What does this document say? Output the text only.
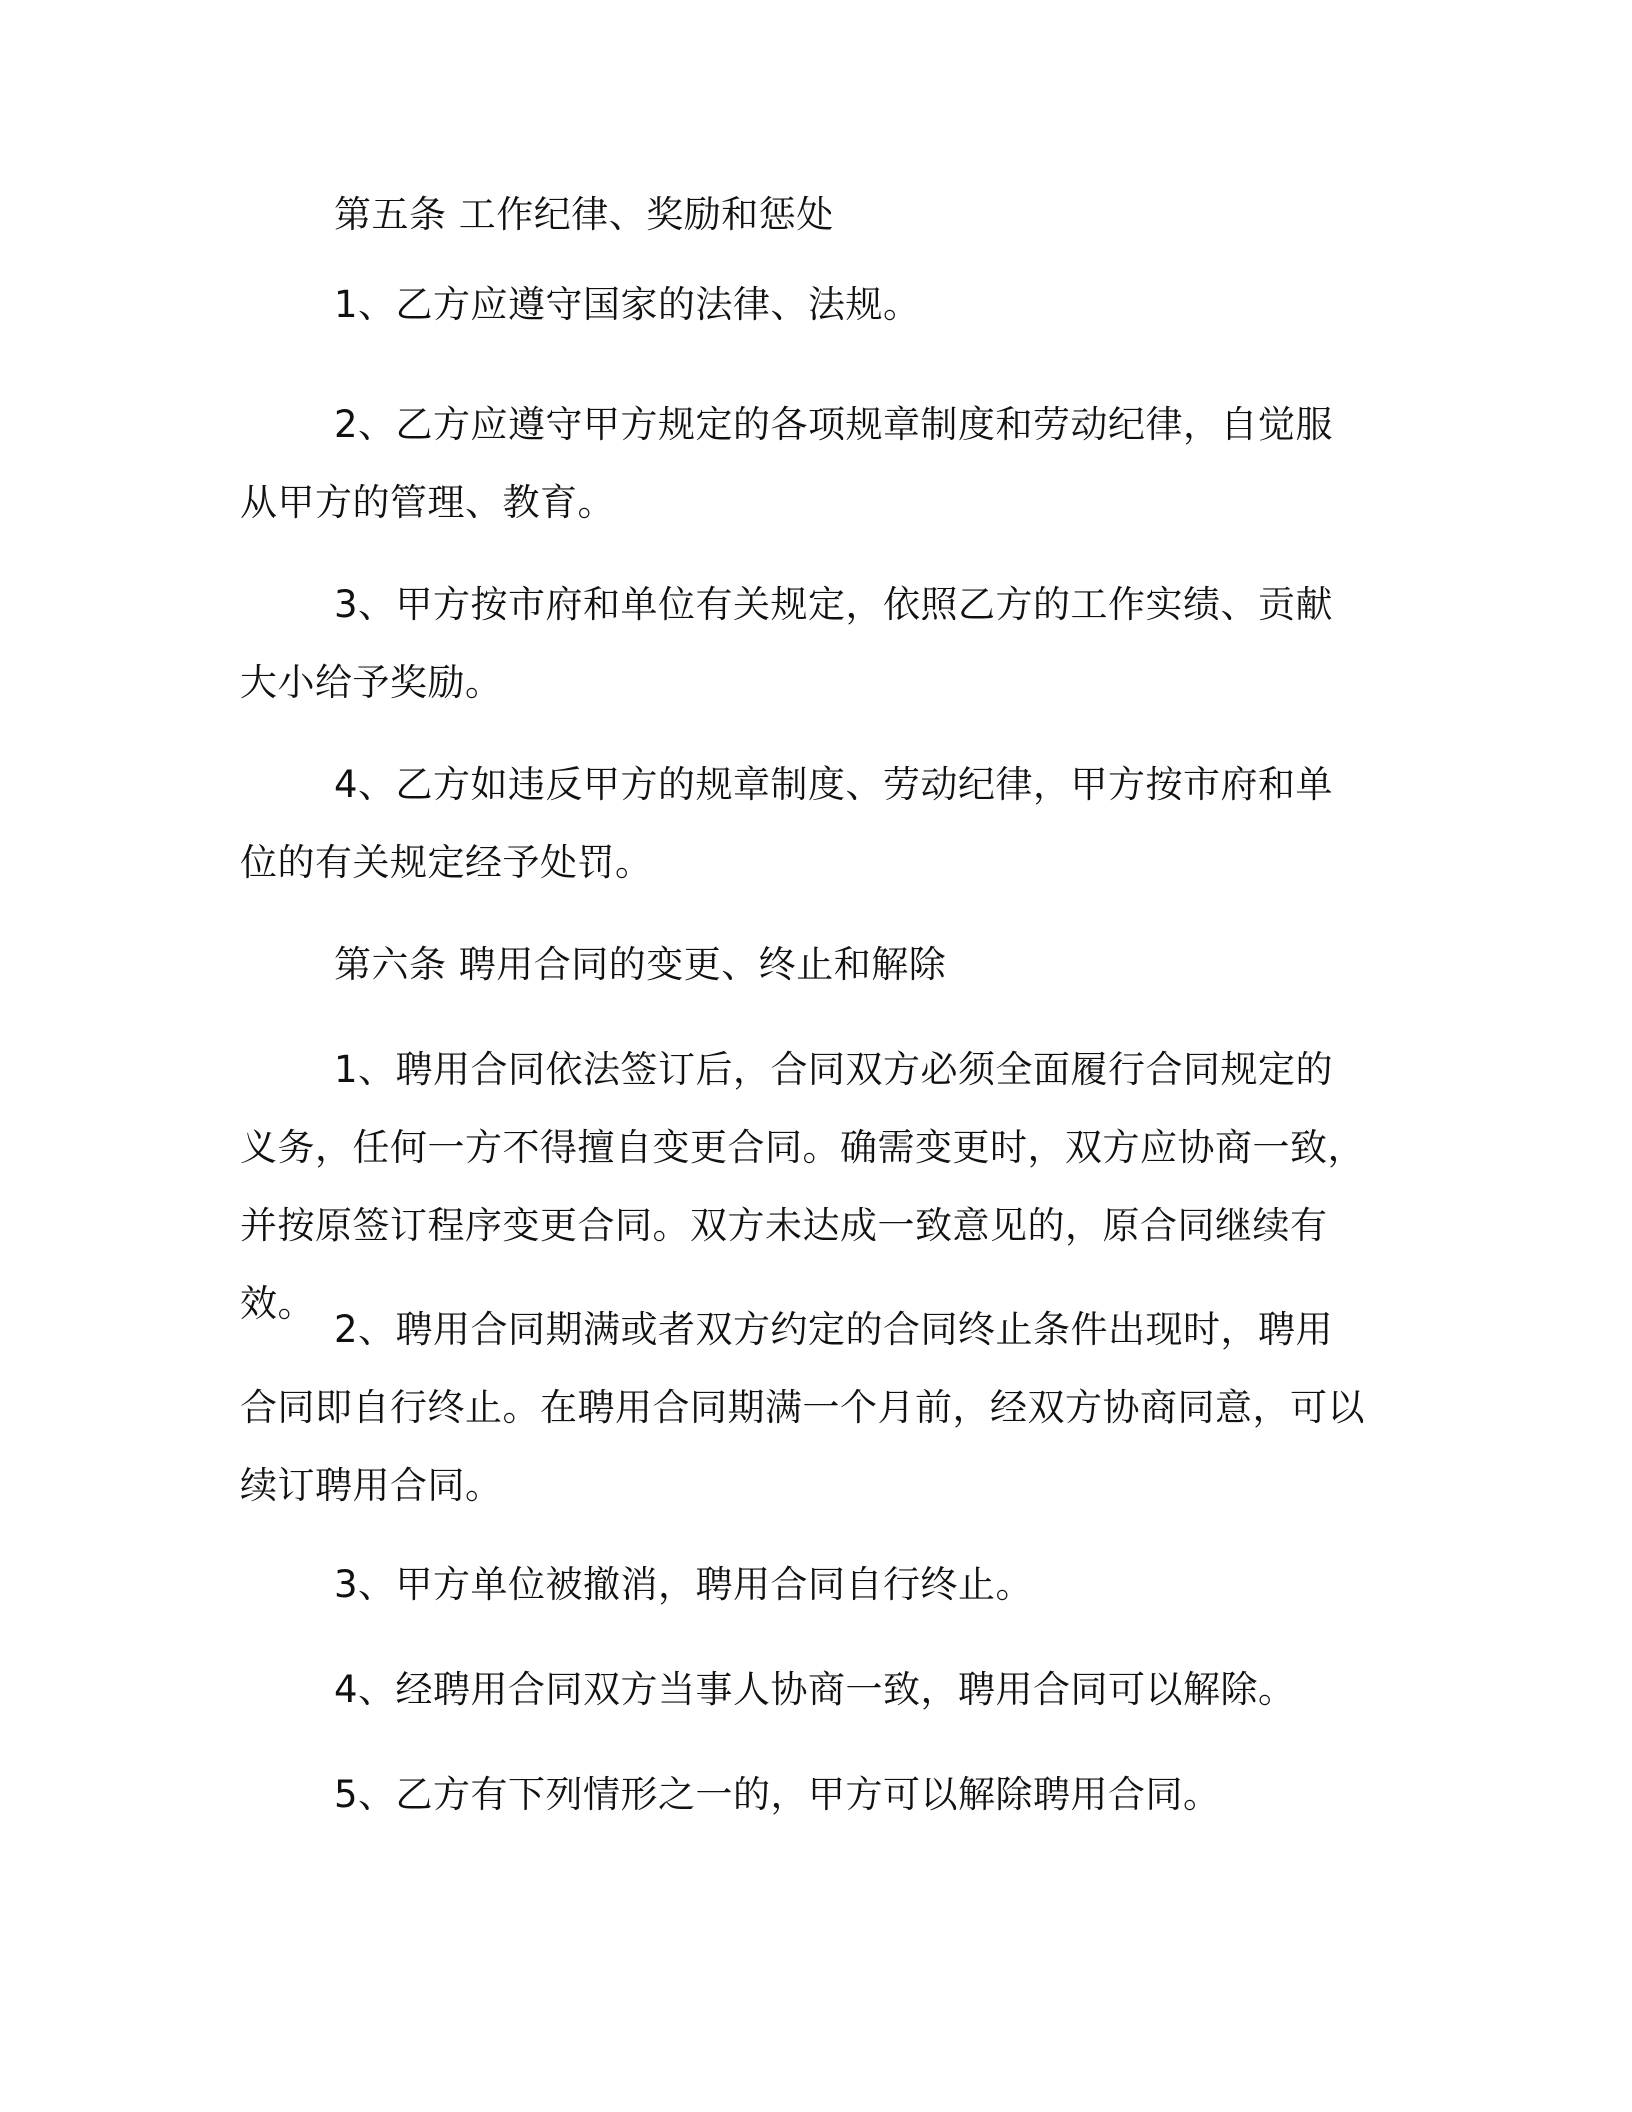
第五条 工作纪律、奖励和惩处

1、乙方应遵守国家的法律、法规。

2、乙方应遵守甲方规定的各项规章制度和劳动纪律，自觉服从甲方的管理、教育。

3、甲方按市府和单位有关规定，依照乙方的工作实绩、贡献大小给予奖励。

4、乙方如违反甲方的规章制度、劳动纪律，甲方按市府和单位的有关规定经予处罚。

第六条 聘用合同的变更、终止和解除

1、聘用合同依法签订后，合同双方必须全面履行合同规定的义务，任何一方不得擅自变更合同。确需变更时，双方应协商一致，并按原签订程序变更合同。双方未达成一致意见的，原合同继续有效。

2、聘用合同期满或者双方约定的合同终止条件出现时，聘用合同即自行终止。在聘用合同期满一个月前，经双方协商同意，可以续订聘用合同。

3、甲方单位被撤消，聘用合同自行终止。

4、经聘用合同双方当事人协商一致，聘用合同可以解除。

5、乙方有下列情形之一的，甲方可以解除聘用合同。
